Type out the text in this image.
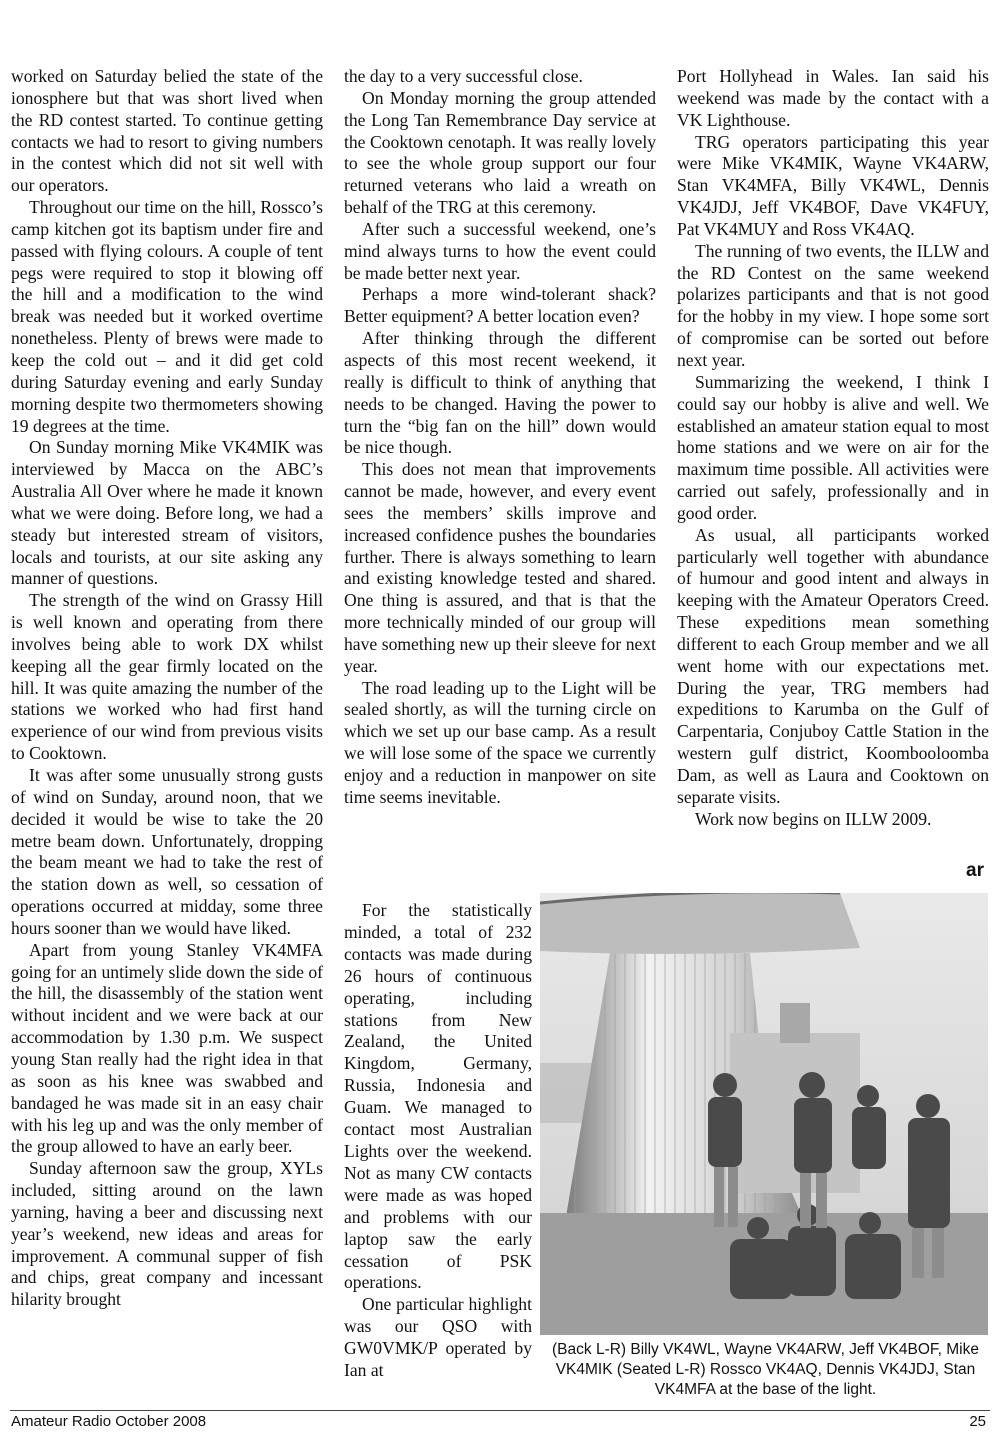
worked on Saturday belied the state of the ionosphere but that was short lived when the RD contest started. To continue getting contacts we had to resort to giving numbers in the contest which did not sit well with our operators.

Throughout our time on the hill, Rossco’s camp kitchen got its baptism under fire and passed with flying colours. A couple of tent pegs were required to stop it blowing off the hill and a modification to the wind break was needed but it worked overtime nonetheless. Plenty of brews were made to keep the cold out – and it did get cold during Saturday evening and early Sunday morning despite two thermometers showing 19 degrees at the time.

On Sunday morning Mike VK4MIK was interviewed by Macca on the ABC’s Australia All Over where he made it known what we were doing. Before long, we had a steady but interested stream of visitors, locals and tourists, at our site asking any manner of questions.

The strength of the wind on Grassy Hill is well known and operating from there involves being able to work DX whilst keeping all the gear firmly located on the hill. It was quite amazing the number of the stations we worked who had first hand experience of our wind from previous visits to Cooktown.

It was after some unusually strong gusts of wind on Sunday, around noon, that we decided it would be wise to take the 20 metre beam down. Unfortunately, dropping the beam meant we had to take the rest of the station down as well, so cessation of operations occurred at midday, some three hours sooner than we would have liked.

Apart from young Stanley VK4MFA going for an untimely slide down the side of the hill, the disassembly of the station went without incident and we were back at our accommodation by 1.30 p.m. We suspect young Stan really had the right idea in that as soon as his knee was swabbed and bandaged he was made sit in an easy chair with his leg up and was the only member of the group allowed to have an early beer.

Sunday afternoon saw the group, XYLs included, sitting around on the lawn yarning, having a beer and discussing next year’s weekend, new ideas and areas for improvement. A communal supper of fish and chips, great company and incessant hilarity brought

the day to a very successful close.

On Monday morning the group attended the Long Tan Remembrance Day service at the Cooktown cenotaph. It was really lovely to see the whole group support our four returned veterans who laid a wreath on behalf of the TRG at this ceremony.

After such a successful weekend, one’s mind always turns to how the event could be made better next year.

Perhaps a more wind-tolerant shack? Better equipment? A better location even?

After thinking through the different aspects of this most recent weekend, it really is difficult to think of anything that needs to be changed. Having the power to turn the “big fan on the hill” down would be nice though.

This does not mean that improvements cannot be made, however, and every event sees the members’ skills improve and increased confidence pushes the boundaries further. There is always something to learn and existing knowledge tested and shared. One thing is assured, and that is that the more technically minded of our group will have something new up their sleeve for next year.

The road leading up to the Light will be sealed shortly, as will the turning circle on which we set up our base camp. As a result we will lose some of the space we currently enjoy and a reduction in manpower on site time seems inevitable.

For the statistically minded, a total of 232 contacts was made during 26 hours of continuous operating, including stations from New Zealand, the United Kingdom, Germany, Russia, Indonesia and Guam. We managed to contact most Australian Lights over the weekend. Not as many CW contacts were made as was hoped and problems with our laptop saw the early cessation of PSK operations.

One particular highlight was our QSO with GW0VMK/P operated by Ian at

Port Hollyhead in Wales. Ian said his weekend was made by the contact with a VK Lighthouse.

TRG operators participating this year were Mike VK4MIK, Wayne VK4ARW, Stan VK4MFA, Billy VK4WL, Dennis VK4JDJ, Jeff VK4BOF, Dave VK4FUY, Pat VK4MUY and Ross VK4AQ.

The running of two events, the ILLW and the RD Contest on the same weekend polarizes participants and that is not good for the hobby in my view. I hope some sort of compromise can be sorted out before next year.

Summarizing the weekend, I think I could say our hobby is alive and well. We established an amateur station equal to most home stations and we were on air for the maximum time possible. All activities were carried out safely, professionally and in good order.

As usual, all participants worked particularly well together with abundance of humour and good intent and always in keeping with the Amateur Operators Creed. These expeditions mean something different to each Group member and we all went home with our expectations met. During the year, TRG members had expeditions to Karumba on the Gulf of Carpentaria, Conjuboy Cattle Station in the western gulf district, Koombooloomba Dam, as well as Laura and Cooktown on separate visits.

Work now begins on ILLW 2009.

ar
(Back L-R) Billy VK4WL, Wayne VK4ARW, Jeff VK4BOF, Mike VK4MIK (Seated L-R) Rossco VK4AQ, Dennis VK4JDJ, Stan VK4MFA at the base of the light.
Amateur Radio October 2008	25
